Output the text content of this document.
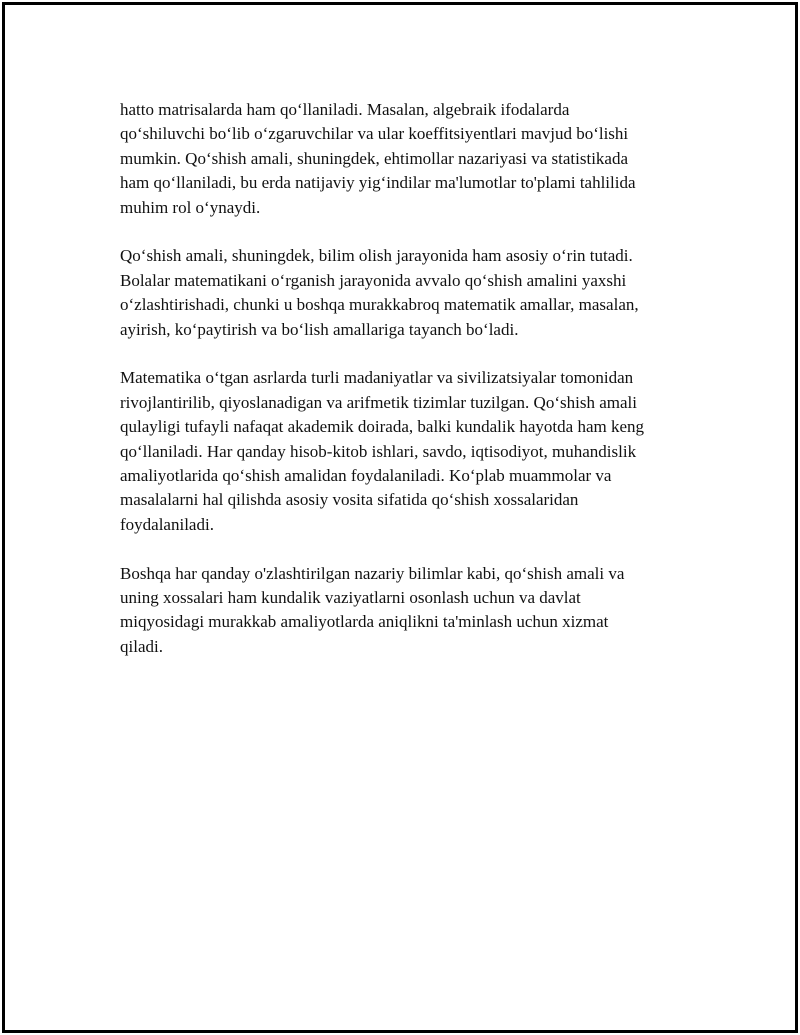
hatto matrisalarda ham qo‘llaniladi. Masalan, algebraik ifodalarda
qo‘shiluvchi bo‘lib o‘zgaruvchilar va ular koeffitsiyentlari mavjud bo‘lishi
mumkin. Qo‘shish amali, shuningdek, ehtimollar nazariyasi va statistikada
ham qo‘llaniladi, bu erda natijaviy yig‘indilar ma'lumotlar to'plami tahlilida
muhim rol o‘ynaydi.

Qo‘shish amali, shuningdek, bilim olish jarayonida ham asosiy o‘rin tutadi.
Bolalar matematikani o‘rganish jarayonida avvalo qo‘shish amalini yaxshi
o‘zlashtirishadi, chunki u boshqa murakkabroq matematik amallar, masalan,
ayirish, ko‘paytirish va bo‘lish amallariga tayanch bo‘ladi.

Matematika o‘tgan asrlarda turli madaniyatlar va sivilizatsiyalar tomonidan
rivojlantirilib, qiyoslanadigan va arifmetik tizimlar tuzilgan. Qo‘shish amali
qulayligi tufayli nafaqat akademik doirada, balki kundalik hayotda ham keng
qo‘llaniladi. Har qanday hisob-kitob ishlari, savdo, iqtisodiyot, muhandislik
amaliyotlarida qo‘shish amalidan foydalaniladi. Ko‘plab muammolar va
masalalarni hal qilishda asosiy vosita sifatida qo‘shish xossalaridan
foydalaniladi.

Boshqa har qanday o'zlashtirilgan nazariy bilimlar kabi, qo‘shish amali va
uning xossalari ham kundalik vaziyatlarni osonlash uchun va davlat
miqyosidagi murakkab amaliyotlarda aniqlikni ta'minlash uchun xizmat
qiladi.
